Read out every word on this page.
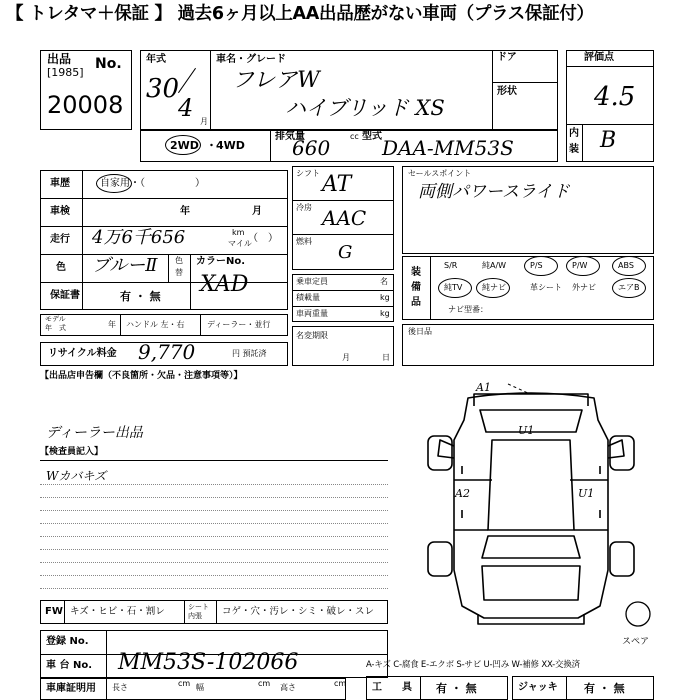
【 トレタマ＋保証 】 過去6ヶ月以上AA出品歴がない車両（プラス保証付）
出品 No.
[1985]
20008
年式
30
4 月
車名・グレード
フレアW
ハイブリッド XS
ドア
形状
評価点
4.5
内
装 B
2WD ・ 4WD
排気量
660 cc 型式 DAA-MM53S
車歴	自家用・（　　　　　）
車検	年	月
走行 4万6千656	km
マイル
（　）
色 ブルーⅡ 色
替
カラーNo.
XAD
保証書	有 ・ 無
モデル
年　式	年 ハンドル 左・右	ディーラー・並行
リサイクル料金 9,770	円 預託済
シフト AT
冷房 AAC
燃料
G
乗車定員	名
積載量	kg
車両重量	kg
名変期限
月	日
セールスポイント
両側パワースライド
装
備
品
S/R	純A/W	P/S	P/W	ABS
純TV 純ナビ	革シート 外ナビ	エアB
ナビ型番：
後日品
【出品店申告欄（不良箇所・欠品・注意事項等）】
ディーラー出品
【検査員記入】
Wカバキズ
A1
U1
A2	U1
スペア
A-キズ C-腐食 E-エクボ S-サビ U-凹み W-補修 XX-交換済
FW キズ・ヒビ・石・割レ	シート 内張	コゲ・穴・汚レ・シミ・破レ・スレ
登録 No.
車 台 No. MM53S-102066
車庫証明用 長さ	cm 幅	cm 高さ	cm	工　　具 有 ・ 無	ジャッキ 有 ・ 無
